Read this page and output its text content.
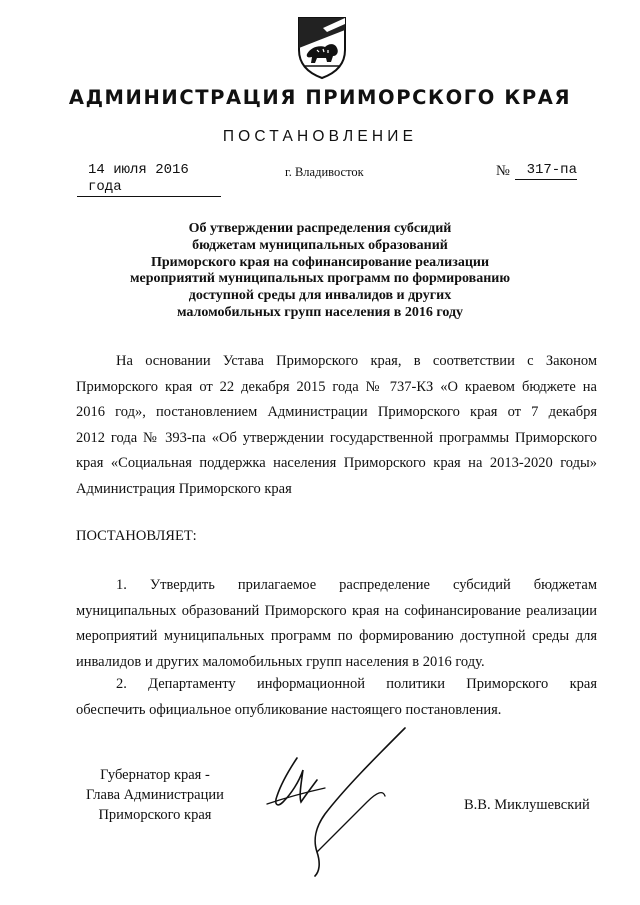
АДМИНИСТРАЦИЯ ПРИМОРСКОГО КРАЯ
ПОСТАНОВЛЕНИЕ
14 июля 2016 года
г. Владивосток	№	317-па
Об утверждении распределения субсидий
бюджетам муниципальных образований
Приморского края на софинансирование реализации
мероприятий муниципальных программ по формированию
доступной среды для инвалидов и других
маломобильных групп населения в 2016 году
На основании Устава Приморского края, в соответствии с Законом
Приморского края от 22 декабря 2015 года № 737-КЗ «О краевом бюджете на
2016 год», постановлением Администрации Приморского края от 7 декабря
2012 года № 393-па «Об утверждении государственной программы Приморского
края «Социальная поддержка населения Приморского края на 2013-2020 годы»
Администрация Приморского края
ПОСТАНОВЛЯЕТ:
1. Утвердить прилагаемое распределение субсидий бюджетам
муниципальных образований Приморского края на софинансирование реализации
мероприятий муниципальных программ по формированию доступной среды для
инвалидов и других маломобильных групп населения в 2016 году.
2. Департаменту информационной политики Приморского края
обеспечить официальное опубликование настоящего постановления.
Губернатор края -
Глава Администрации
Приморского края
В.В. Миклушевский
